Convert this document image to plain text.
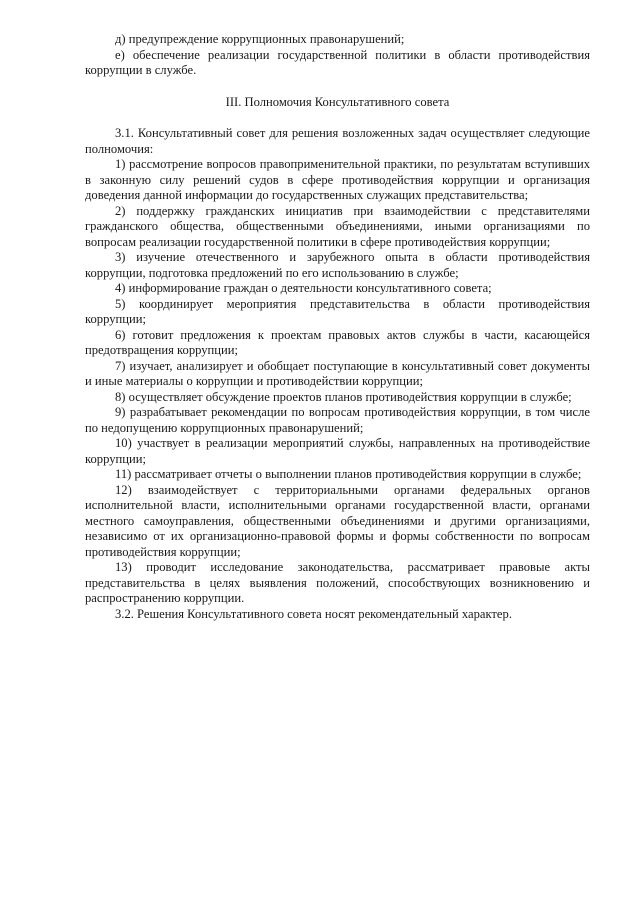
д) предупреждение коррупционных правонарушений;

е) обеспечение реализации государственной политики в области противодействия коррупции в службе.

III. Полномочия Консультативного совета

3.1. Консультативный совет для решения возложенных задач осуществляет следующие полномочия:

1) рассмотрение вопросов правоприменительной практики, по результатам вступивших в законную силу решений судов в сфере противодействия коррупции и организация доведения данной информации до государственных служащих представительства;

2) поддержку гражданских инициатив при взаимодействии с представителями гражданского общества, общественными объединениями, иными организациями по вопросам реализации государственной политики в сфере противодействия коррупции;

3) изучение отечественного и зарубежного опыта в области противодействия коррупции, подготовка предложений по его использованию в службе;

4) информирование граждан о деятельности консультативного совета;

5) координирует мероприятия представительства в области противодействия коррупции;

6) готовит предложения к проектам правовых актов службы в части, касающейся предотвращения коррупции;

7) изучает, анализирует и обобщает поступающие в консультативный совет документы и иные материалы о коррупции и противодействии коррупции;

8) осуществляет обсуждение проектов планов противодействия коррупции в службе;

9) разрабатывает рекомендации по вопросам противодействия коррупции, в том числе по недопущению коррупционных правонарушений;

10) участвует в реализации мероприятий службы, направленных на противодействие коррупции;

11) рассматривает отчеты о выполнении планов противодействия коррупции в службе;

12) взаимодействует с территориальными органами федеральных органов исполнительной власти, исполнительными органами государственной власти, органами местного самоуправления, общественными объединениями и другими организациями, независимо от их организационно-правовой формы и формы собственности по вопросам противодействия коррупции;

13) проводит исследование законодательства, рассматривает правовые акты представительства в целях выявления положений, способствующих возникновению и распространению коррупции.

3.2. Решения Консультативного совета носят рекомендательный характер.
